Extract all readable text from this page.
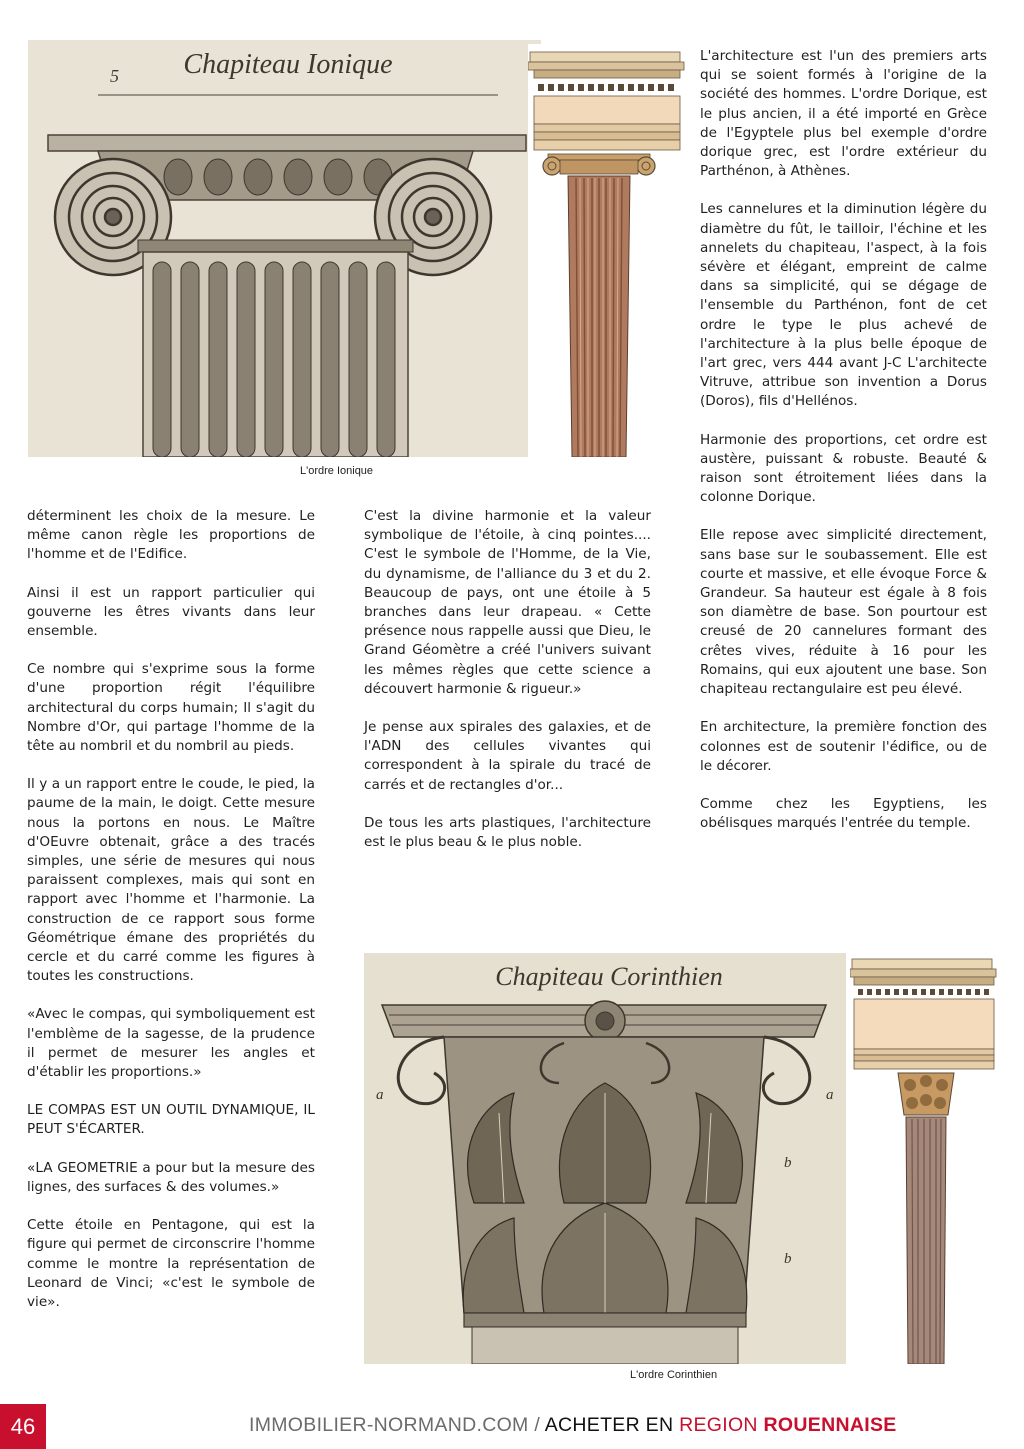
Chapiteau Ionique
5
L'ordre Ionique

L'architecture est l'un des premiers arts qui se soient formés à l'origine de la société des hommes. L'ordre Dorique, est le plus ancien, il a été importé en Grèce de l'Egyptele plus bel exemple d'ordre dorique grec, est l'ordre extérieur du Parthénon, à Athènes.

Les cannelures et la diminution légère du diamètre du fût, le tailloir, l'échine et les annelets du chapiteau, l'aspect, à la fois sévère et élégant, empreint de calme dans sa simplicité, qui se dégage de l'ensemble du Parthénon, font de cet ordre le type le plus achevé de l'architecture à la plus belle époque de l'art grec, vers 444 avant J-C L'architecte Vitruve, attribue son invention a Dorus (Doros), fils d'Hellénos.

Harmonie des proportions, cet ordre est austère, puissant & robuste. Beauté & raison sont étroitement liées dans la colonne Dorique.

Elle repose avec simplicité directement, sans base sur le soubassement. Elle est courte et massive, et elle évoque Force & Grandeur. Sa hauteur est égale à 8 fois son diamètre de base. Son pourtour est creusé de 20 cannelures formant des crêtes vives, réduite à 16 pour les Romains, qui eux ajoutent une base. Son chapiteau rectangulaire est peu élevé.

En architecture, la première fonction des colonnes est de soutenir l'édifice, ou de le décorer.

Comme chez les Egyptiens, les obélisques marqués l'entrée du temple.

déterminent les choix de la mesure. Le même canon règle les proportions de l'homme et de l'Edifice.

Ainsi il est un rapport particulier qui gouverne les êtres vivants dans leur ensemble.

Ce nombre qui s'exprime sous la forme d'une proportion régit l'équilibre architectural du corps humain; Il s'agit du Nombre d'Or, qui partage l'homme de la tête au nombril et du nombril au pieds.

Il y a un rapport entre le coude, le pied, la paume de la main, le doigt. Cette mesure nous la portons en nous. Le Maître d'OEuvre obtenait, grâce a des tracés simples, une série de mesures qui nous paraissent complexes, mais qui sont en rapport avec l'homme et l'harmonie. La construction de ce rapport sous forme Géométrique émane des propriétés du cercle et du carré comme les figures à toutes les constructions.

«Avec le compas, qui symboliquement est l'emblème de la sagesse, de la prudence il permet de mesurer les angles et d'établir les proportions.»

LE COMPAS EST UN OUTIL DYNAMIQUE, IL PEUT S'ÉCARTER.

«LA GEOMETRIE a pour but la mesure des lignes, des surfaces & des volumes.»

Cette étoile en Pentagone, qui est la figure qui permet de circonscrire l'homme comme le montre la représentation de Leonard de Vinci; «c'est le symbole de vie».

C'est la divine harmonie et la valeur symbolique de l'étoile, à cinq pointes.... C'est le symbole de l'Homme, de la Vie, du dynamisme, de l'alliance du 3 et du 2. Beaucoup de pays, ont une étoile à 5 branches dans leur drapeau. « Cette présence nous rappelle aussi que Dieu, le Grand Géomètre a créé l'univers suivant les mêmes règles que cette science a découvert harmonie & rigueur.»

Je pense aux spirales des galaxies, et de l'ADN des cellules vivantes qui correspondent à la spirale du tracé de carrés et de rectangles d'or...

De tous les arts plastiques, l'architecture est le plus beau & le plus noble.

Chapiteau Corinthien
a	a
b
b
L'ordre Corinthien
46	IMMOBILIER-NORMAND.COM / ACHETER EN REGION ROUENNAISE
